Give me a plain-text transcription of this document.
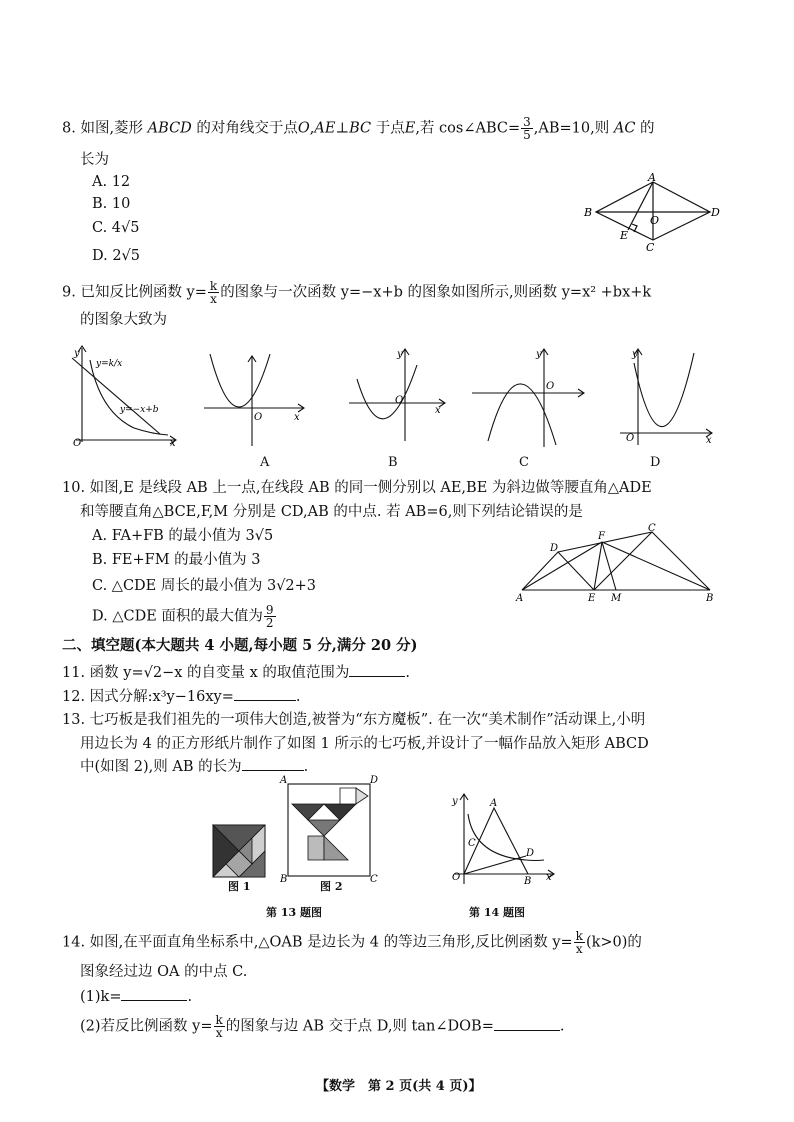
8. 如图,菱形 ABCD 的对角线交于点O,AE⊥BC 于点E,若 cos∠ABC= $\frac{3}{5} ,AB=10$,则 AC 的
长为
A. 12
B. 10
C. 4√5
D. 2√5
A
B
O
D
E
C
9. 已知反比例函数 $y= \frac{k}{x}$ 的图象与一次函数 y=−x+b 的图象如图所示,则函数 y=x² +bx+k
的图象大致为
y
O	x
y=k/x
y=−x+b
O	x
y
O
x
y
O
y
O	x
A	B	C	D
10. 如图,E 是线段 AB 上一点,在线段 AB 的同一侧分别以 AE,BE 为斜边做等腰直角△ADE
和等腰直角△BCE,F,M 分别是 CD,AB 的中点. 若 AB=6,则下列结论错误的是
A. FA+FB 的最小值为 3√5
B. FE+FM 的最小值为 3
C. △CDE 周长的最小值为 3√2+3
D. △CDE 面积的最大值为 $\frac{9}{2}$
D
F
C
A	E M	B
二、填空题(本大题共 4 小题,每小题 5 分,满分 20 分)
11. 函数 y=√2−x 的自变量 x 的取值范围为	.
12. 因式分解:x³y−16xy=	.
13. 七巧板是我们祖先的一项伟大创造,被誉为“东方魔板”. 在一次“美术制作”活动课上,小明
用边长为 4 的正方形纸片制作了如图 1 所示的七巧板,并设计了一幅作品放入矩形 ABCD
中(如图 2),则 AB 的长为	.
图 1
A	D
B	C
图 2
第 13 题图
y	A
C
D
O	B x
第 14 题图
14. 如图,在平面直角坐标系中,△OAB 是边长为 4 的等边三角形,反比例函数 $y= \frac{k}{x} (k>0)$的
图象经过边 OA 的中点 C.
(1)k=	.
(2)若反比例函数 $y= \frac{k}{x}$ 的图象与边 AB 交于点 D,则 tan∠DOB=	.
【数学　第 2 页(共 4 页)】
